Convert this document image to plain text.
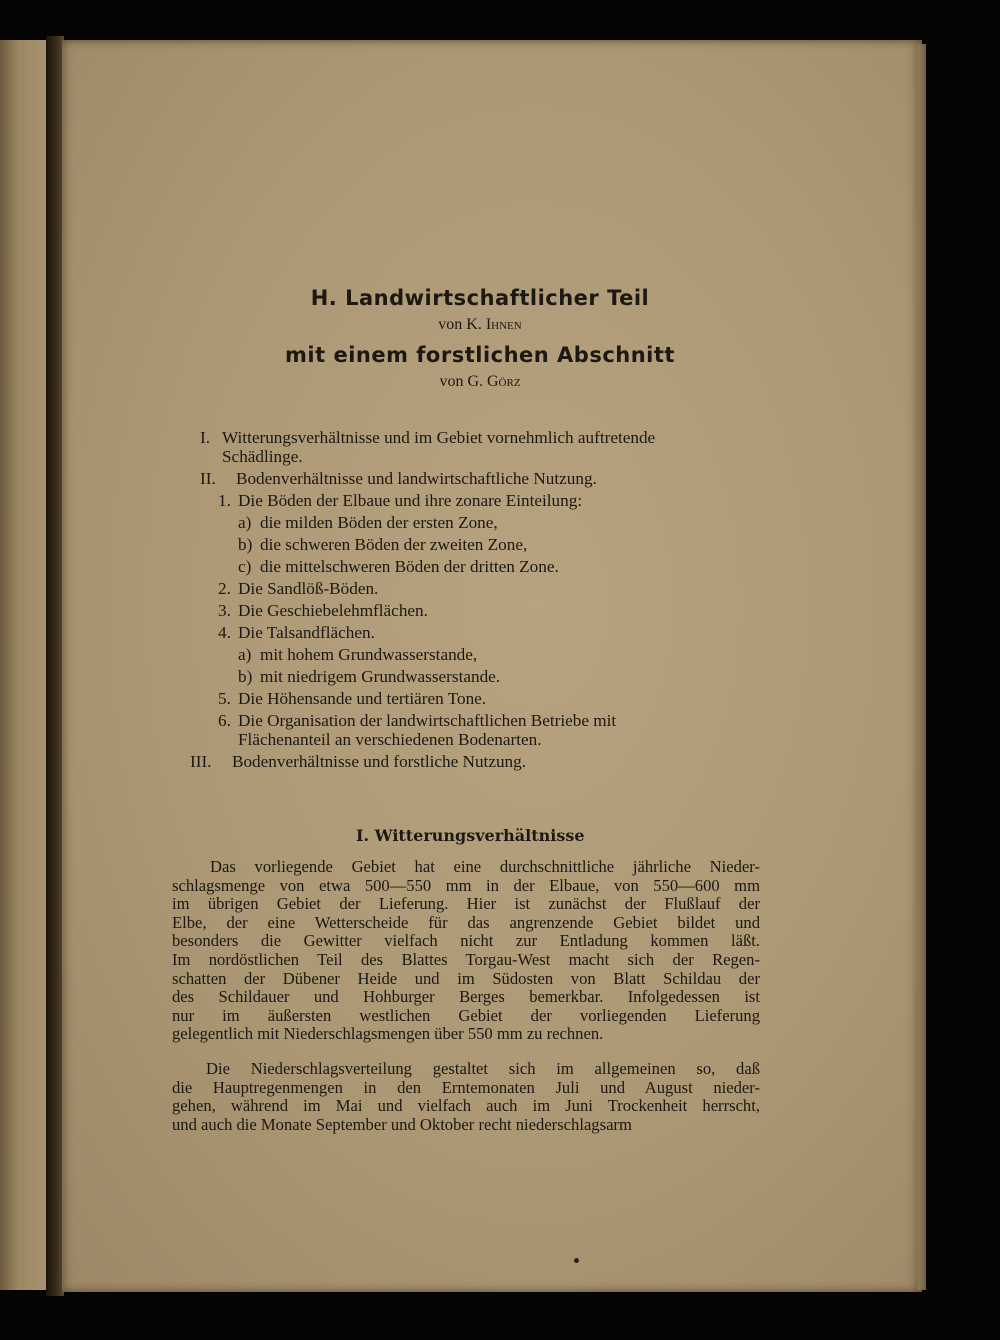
H. Landwirtschaftlicher Teil
von K. Ihnen
mit einem forstlichen Abschnitt
von G. Görz
I. Witterungsverhältnisse und im Gebiet vornehmlich auftretende
Schädlinge.
II. Bodenverhältnisse und landwirtschaftliche Nutzung.
1. Die Böden der Elbaue und ihre zonare Einteilung:
a) die milden Böden der ersten Zone,
b) die schweren Böden der zweiten Zone,
c) die mittelschweren Böden der dritten Zone.
2. Die Sandlöß-Böden.
3. Die Geschiebelehmflächen.
4. Die Talsandflächen.
a) mit hohem Grundwasserstande,
b) mit niedrigem Grundwasserstande.
5. Die Höhensande und tertiären Tone.
6. Die Organisation der landwirtschaftlichen Betriebe mit
Flächenanteil an verschiedenen Bodenarten.
III. Bodenverhältnisse und forstliche Nutzung.
I. Witterungsverhältnisse
Das vorliegende Gebiet hat eine durchschnittliche jährliche Nieder-
schlagsmenge von etwa 500—550 mm in der Elbaue, von 550—600 mm
im übrigen Gebiet der Lieferung. Hier ist zunächst der Flußlauf der
Elbe, der eine Wetterscheide für das angrenzende Gebiet bildet und
besonders die Gewitter vielfach nicht zur Entladung kommen läßt.
Im nordöstlichen Teil des Blattes Torgau-West macht sich der Regen-
schatten der Dübener Heide und im Südosten von Blatt Schildau der
des Schildauer und Hohburger Berges bemerkbar. Infolgedessen ist
nur im äußersten westlichen Gebiet der vorliegenden Lieferung
gelegentlich mit Niederschlagsmengen über 550 mm zu rechnen.
Die Niederschlagsverteilung gestaltet sich im allgemeinen so, daß
die Hauptregenmengen in den Erntemonaten Juli und August nieder-
gehen, während im Mai und vielfach auch im Juni Trockenheit herrscht,
und auch die Monate September und Oktober recht niederschlagsarm
